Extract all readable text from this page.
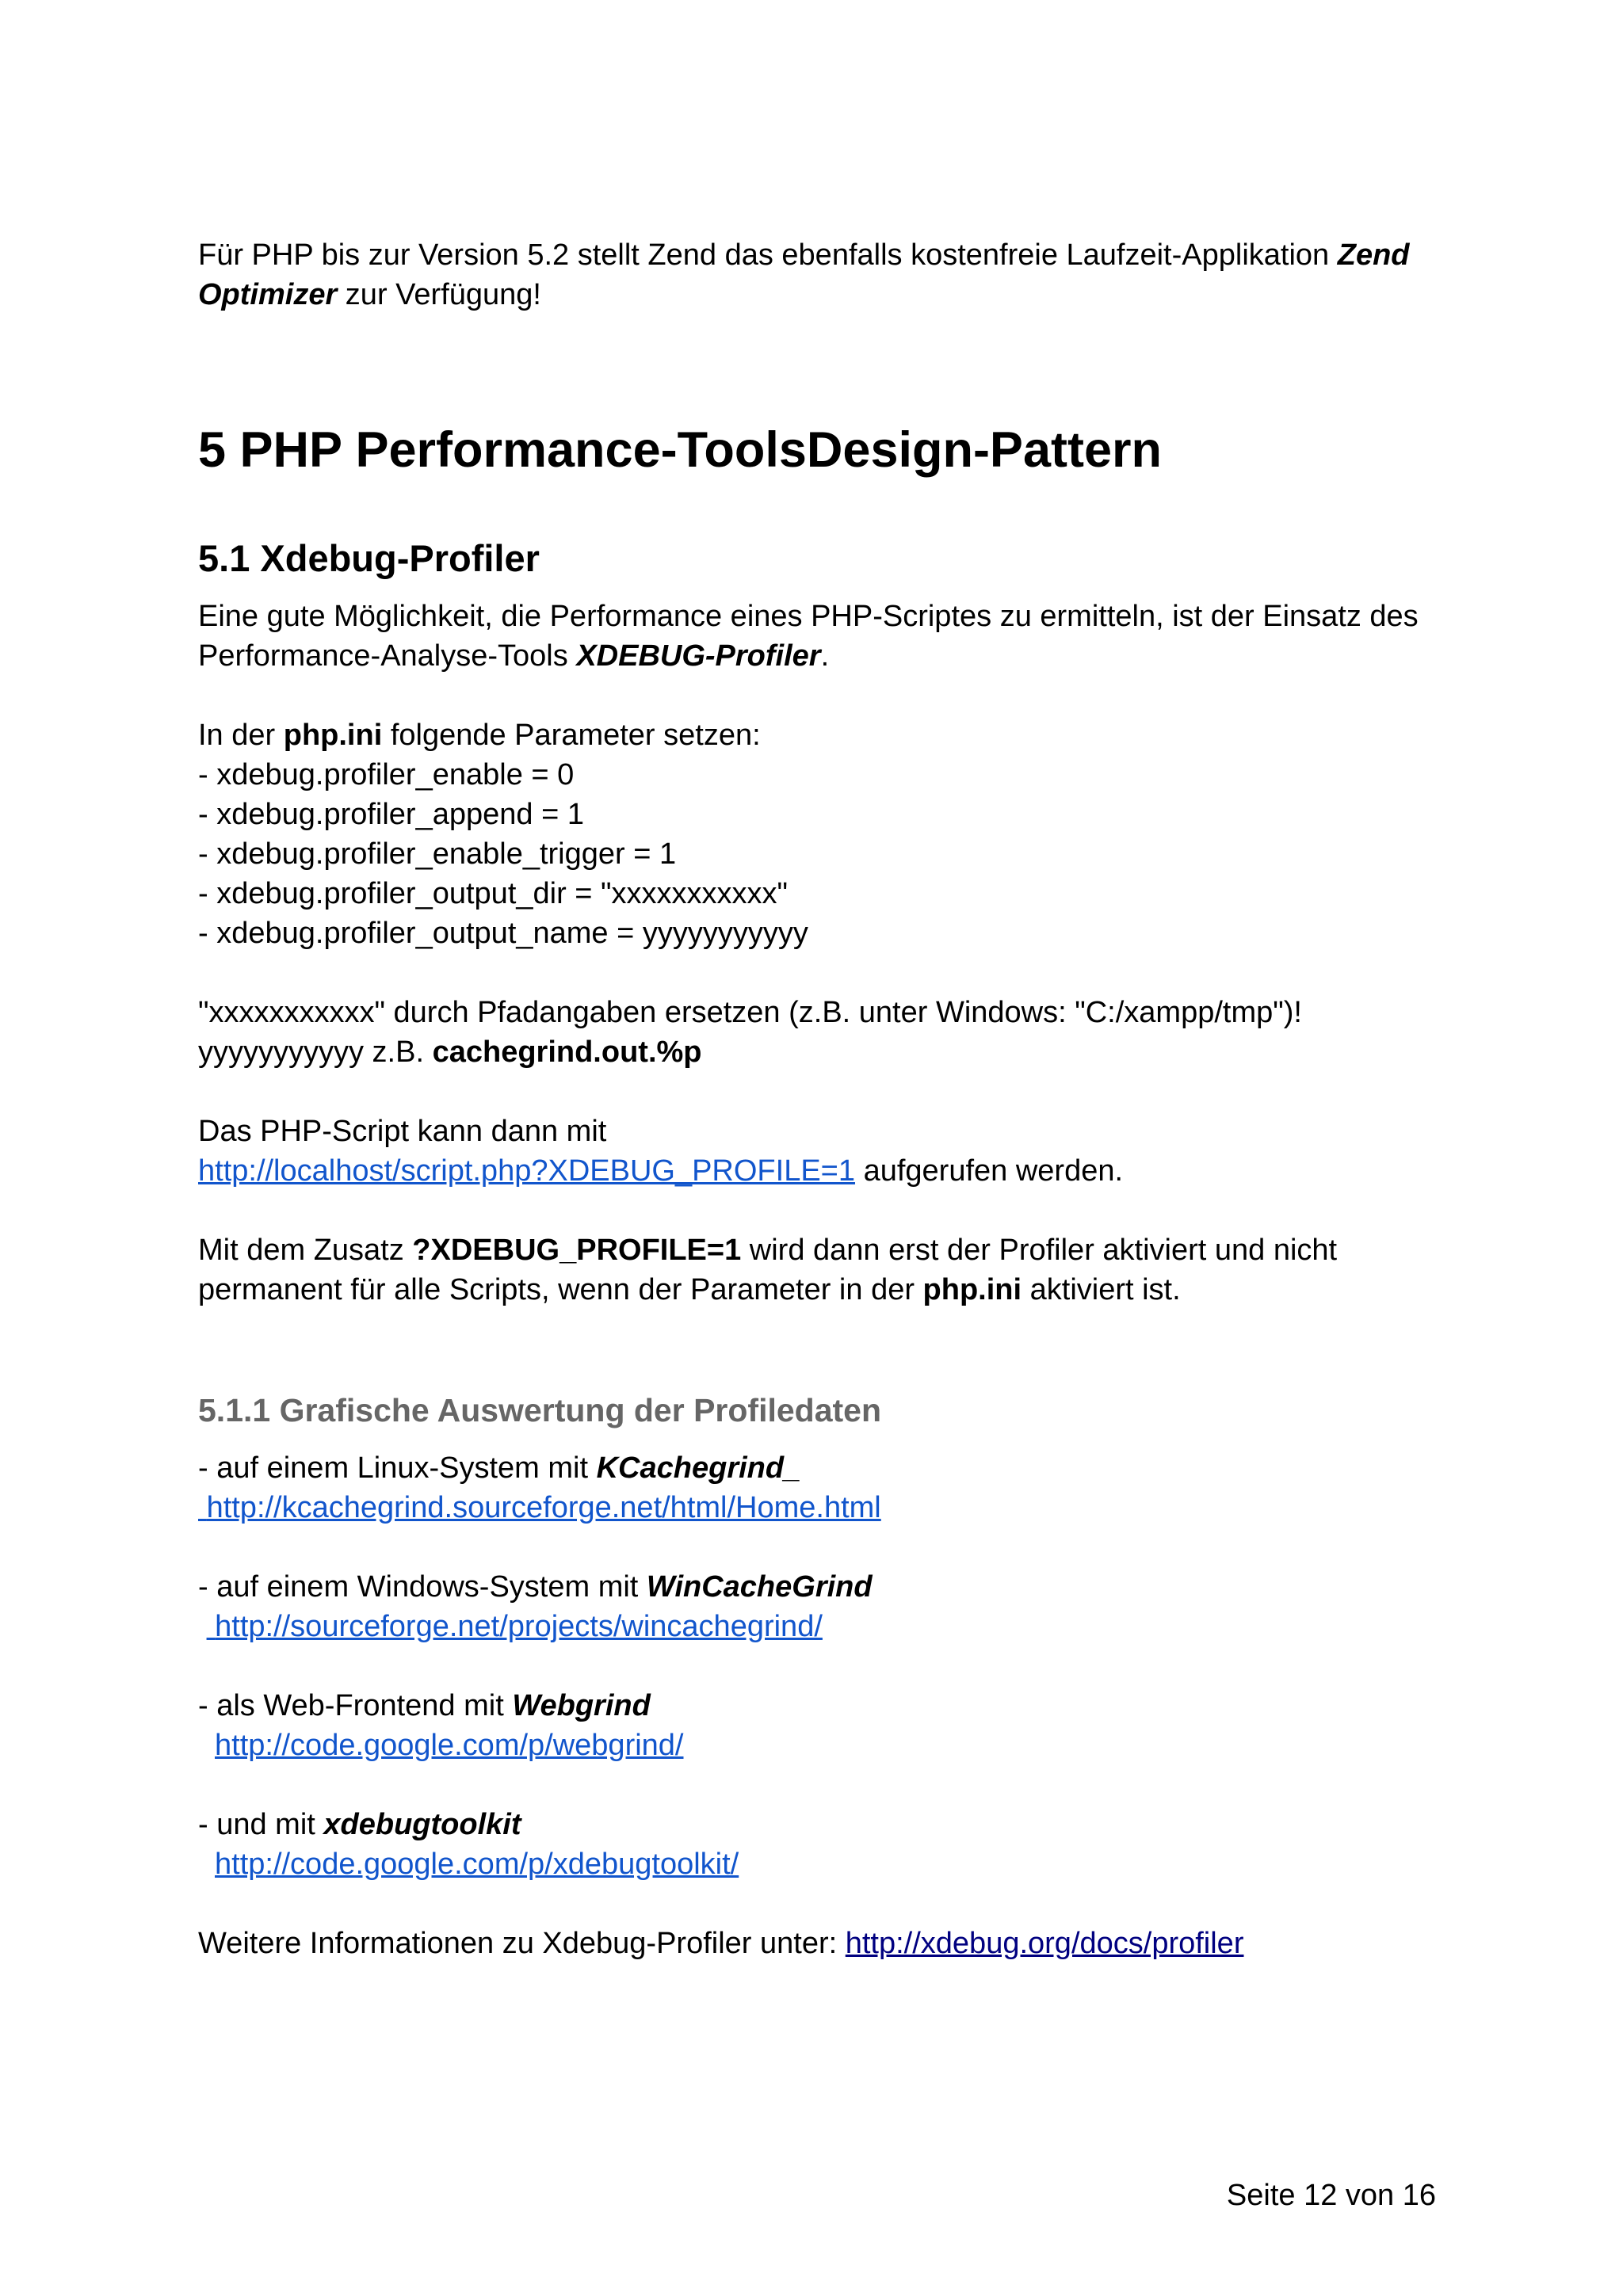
Für PHP bis zur Version 5.2 stellt Zend das ebenfalls kostenfreie Laufzeit-Applikation Zend

Optimizer zur Verfügung!

5 PHP Performance-ToolsDesign-Pattern
5.1 Xdebug-Profiler

Eine gute Möglichkeit, die Performance eines PHP-Scriptes zu ermitteln, ist der Einsatz des

Performance-Analyse-Tools XDEBUG-Profiler.

In der php.ini folgende Parameter setzen:

- xdebug.profiler_enable = 0

- xdebug.profiler_append = 1

- xdebug.profiler_enable_trigger = 1

- xdebug.profiler_output_dir = "xxxxxxxxxxx"

- xdebug.profiler_output_name = yyyyyyyyyyy

"xxxxxxxxxxx" durch Pfadangaben ersetzen (z.B. unter Windows: "C:/xampp/tmp")!

yyyyyyyyyyy z.B. cachegrind.out.%p

Das PHP-Script kann dann mit

http://localhost/script.php?XDEBUG_PROFILE=1 aufgerufen werden.

Mit dem Zusatz ?XDEBUG_PROFILE=1 wird dann erst der Profiler aktiviert und nicht

permanent für alle Scripts, wenn der Parameter in der php.ini aktiviert ist.

5.1.1 Grafische Auswertung der Profiledaten

- auf einem Linux-System mit KCachegrind_

http://kcachegrind.sourceforge.net/html/Home.html

- auf einem Windows-System mit WinCacheGrind

http://sourceforge.net/projects/wincachegrind/

- als Web-Frontend mit Webgrind

http://code.google.com/p/webgrind/

- und mit xdebugtoolkit

http://code.google.com/p/xdebugtoolkit/

Weitere Informationen zu Xdebug-Profiler unter: http://xdebug.org/docs/profiler

Seite 12 von 16
